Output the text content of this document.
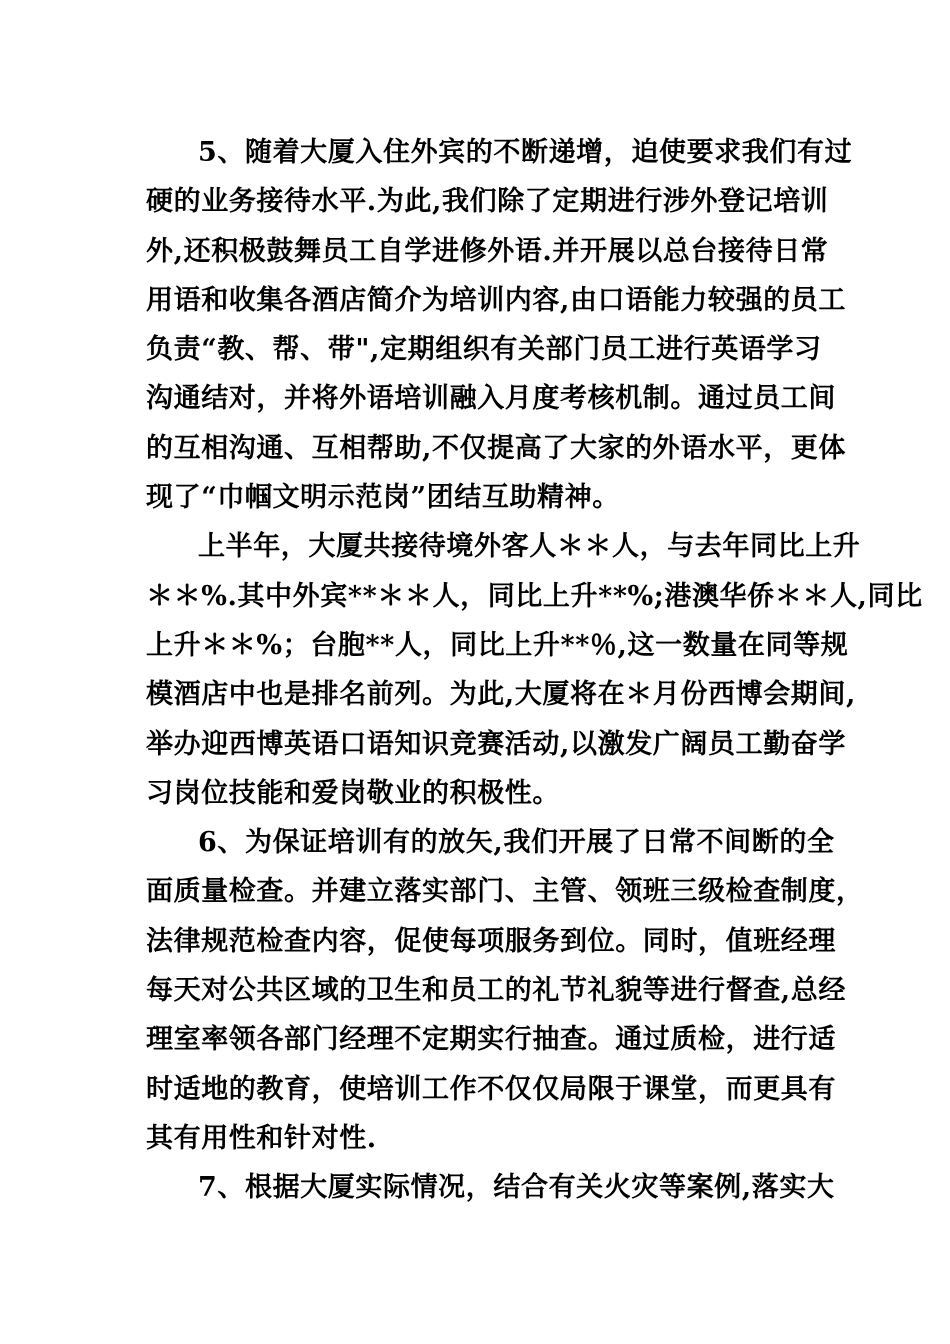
5、随着大厦入住外宾的不断递增，迫使要求我们有过
硬的业务接待水平.为此,我们除了定期进行涉外登记培训
外,还积极鼓舞员工自学进修外语.并开展以总台接待日常
用语和收集各酒店简介为培训内容,由口语能力较强的员工
负责“教、帮、带",定期组织有关部门员工进行英语学习
沟通结对，并将外语培训融入月度考核机制。通过员工间
的互相沟通、互相帮助,不仅提高了大家的外语水平，更体
现了“巾帼文明示范岗”团结互助精神。
上半年，大厦共接待境外客人＊＊人，与去年同比上升
＊＊%.其中外宾**＊＊人，同比上升**%;港澳华侨＊＊人,同比
上升＊＊%；台胞**人，同比上升**％,这一数量在同等规
模酒店中也是排名前列。为此,大厦将在＊月份西博会期间,
举办迎西博英语口语知识竞赛活动,以激发广阔员工勤奋学
习岗位技能和爱岗敬业的积极性。
6、为保证培训有的放矢,我们开展了日常不间断的全
面质量检查。并建立落实部门、主管、领班三级检查制度，
法律规范检查内容，促使每项服务到位。同时，值班经理
每天对公共区域的卫生和员工的礼节礼貌等进行督查,总经
理室率领各部门经理不定期实行抽查。通过质检，进行适
时适地的教育，使培训工作不仅仅局限于课堂，而更具有
其有用性和针对性.
7、根据大厦实际情况，结合有关火灾等案例,落实大
